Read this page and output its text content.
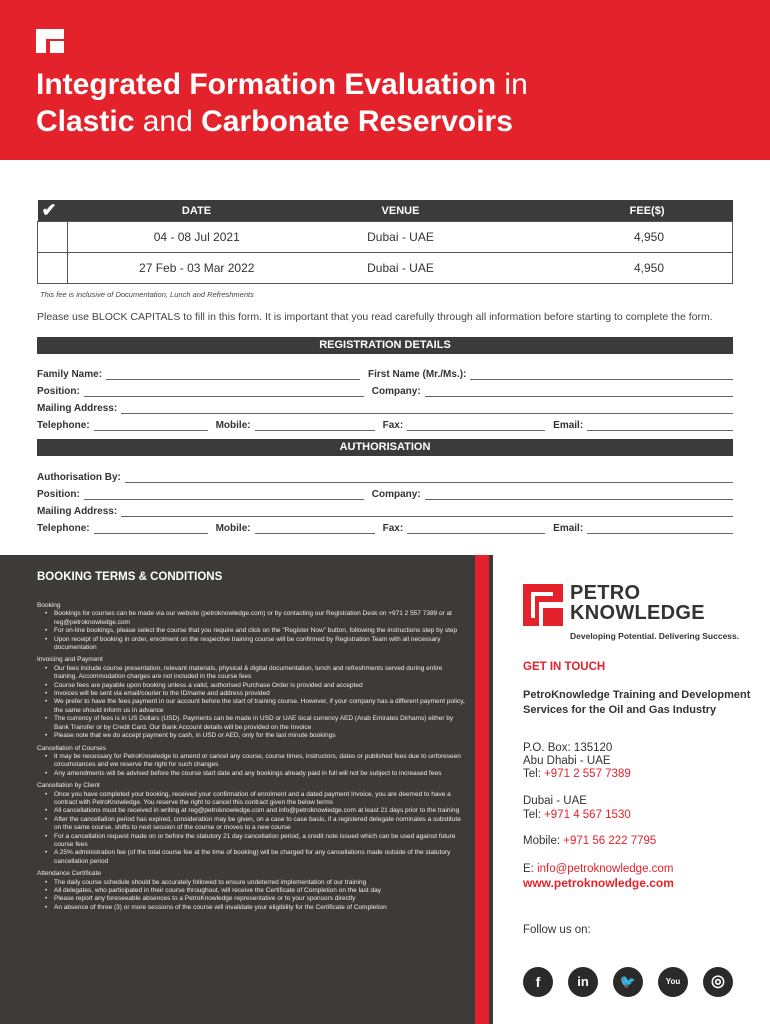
Integrated Formation Evaluation in
Clastic and Carbonate Reservoirs
✔	DATE	VENUE	FEE($)
	04 - 08 Jul 2021	Dubai - UAE	4,950
	27 Feb - 03 Mar 2022	Dubai - UAE	4,950
This fee is inclusive of Documentation, Lunch and Refreshments
Please use BLOCK CAPITALS to fill in this form. It is important that you read carefully through all information before starting to complete the form.
REGISTRATION DETAILS
Family Name:	First Name (Mr./Ms.):
Position:	Company:
Mailing Address:
Telephone:	Mobile:	Fax:	Email:
AUTHORISATION
Authorisation By:
Position:	Company:
Mailing Address:
Telephone:	Mobile:	Fax:	Email:
BOOKING TERMS & CONDITIONS
Booking
• Bookings for courses can be made via our website (petroknowledge.com) or by contacting our Registration Desk on +971 2 557 7389 or at reg@petroknowledge.com
• For on-line bookings, please select the course that you require and click on the "Register Now" button, following the instructions step by step
• Upon receipt of booking in order, enrolment on the respective training course will be confirmed by Registration Team with all necessary documentation
Invoicing and Payment
• Our fees include course presentation, relevant materials, physical & digital documentation, lunch and refreshments served during entire training. Accommodation charges are not included in the course fees
• Course fees are payable upon booking unless a valid, authorised Purchase Order is provided and accepted
• Invoices will be sent via email/courier to the ID/name and address provided
• We prefer to have the fees payment in our account before the start of training course. However, if your company has a different payment policy, the same should inform us in advance
• The currency of fees is in US Dollars (USD). Payments can be made in USD or UAE local currency AED (Arab Emirates Dirhams) either by Bank Transfer or by Credit Card. Our Bank Account details will be provided on the Invoice
• Please note that we do accept payment by cash, in USD or AED, only for the last minute bookings
Cancellation of Courses
• It may be necessary for PetroKnowledge to amend or cancel any course, course times, instructors, dates or published fees due to unforeseen circumstances and we reserve the right for such changes
• Any amendments will be advised before the course start date and any bookings already paid in full will not be subject to increased fees
Cancellation by Client
• Once you have completed your booking, received your confirmation of enrolment and a dated payment Invoice, you are deemed to have a contract with PetroKnowledge. You reserve the right to cancel this contract given the below terms
• All cancellations must be received in writing at reg@petroknowledge.com and info@petroknowledge.com at least 21 days prior to the training
• After the cancellation period has expired, consideration may be given, on a case to case basis, if a registered delegate nominates a substitute on the same course, shifts to next session of the course or moves to a new course
• For a cancellation request made on or before the statutory 21 day cancellation period, a credit note issued which can be used against future course fees
• A 25% administration fee (of the total course fee at the time of booking) will be charged for any cancellations made outside of the statutory cancellation period
Attendance Certificate
• The daily course schedule should be accurately followed to ensure undeterred implementation of our training
• All delegates, who participated in their course throughout, will receive the Certificate of Completion on the last day
• Please report any foreseeable absences to a PetroKnowledge representative or to your sponsors directly
• An absence of three (3) or more sessions of the course will invalidate your eligibility for the Certificate of Completion
PETRO
KNOWLEDGE
Developing Potential. Delivering Success.
GET IN TOUCH
PetroKnowledge Training and Development Services for the Oil and Gas Industry
P.O. Box: 135120
Abu Dhabi - UAE
Tel: +971 2 557 7389
Dubai - UAE
Tel: +971 4 567 1530
Mobile: +971 56 222 7795
E: info@petroknowledge.com
www.petroknowledge.com
Follow us on:
f	in	🐦	You	◎
